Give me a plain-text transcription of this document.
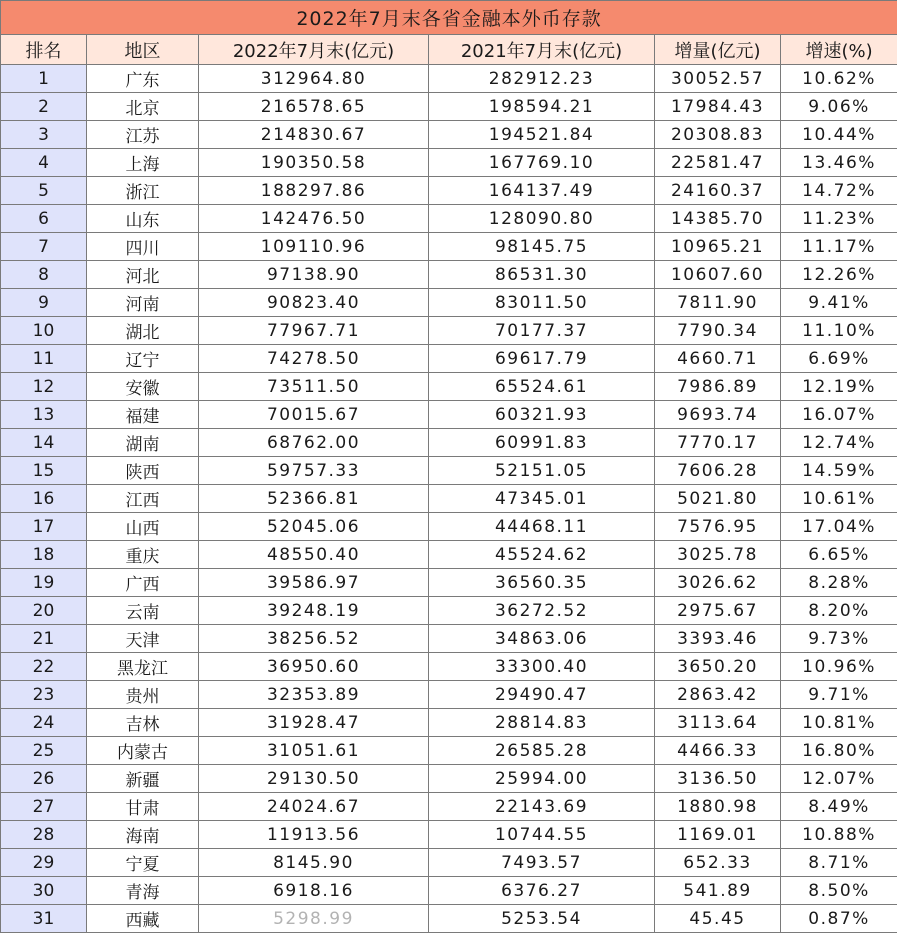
2022年7月末各省金融本外币存款					
排名	地区	2022年7月末(亿元)	2021年7月末(亿元)	增量(亿元)	增速(%)
1	广东	312964.80	282912.23	30052.57	10.62%
2	北京	216578.65	198594.21	17984.43	9.06%
3	江苏	214830.67	194521.84	20308.83	10.44%
4	上海	190350.58	167769.10	22581.47	13.46%
5	浙江	188297.86	164137.49	24160.37	14.72%
6	山东	142476.50	128090.80	14385.70	11.23%
7	四川	109110.96	98145.75	10965.21	11.17%
8	河北	97138.90	86531.30	10607.60	12.26%
9	河南	90823.40	83011.50	7811.90	9.41%
10	湖北	77967.71	70177.37	7790.34	11.10%
11	辽宁	74278.50	69617.79	4660.71	6.69%
12	安徽	73511.50	65524.61	7986.89	12.19%
13	福建	70015.67	60321.93	9693.74	16.07%
14	湖南	68762.00	60991.83	7770.17	12.74%
15	陕西	59757.33	52151.05	7606.28	14.59%
16	江西	52366.81	47345.01	5021.80	10.61%
17	山西	52045.06	44468.11	7576.95	17.04%
18	重庆	48550.40	45524.62	3025.78	6.65%
19	广西	39586.97	36560.35	3026.62	8.28%
20	云南	39248.19	36272.52	2975.67	8.20%
21	天津	38256.52	34863.06	3393.46	9.73%
22	黑龙江	36950.60	33300.40	3650.20	10.96%
23	贵州	32353.89	29490.47	2863.42	9.71%
24	吉林	31928.47	28814.83	3113.64	10.81%
25	内蒙古	31051.61	26585.28	4466.33	16.80%
26	新疆	29130.50	25994.00	3136.50	12.07%
27	甘肃	24024.67	22143.69	1880.98	8.49%
28	海南	11913.56	10744.55	1169.01	10.88%
29	宁夏	8145.90	7493.57	652.33	8.71%
30	青海	6918.16	6376.27	541.89	8.50%
31	西藏	5298.99	5253.54	45.45	0.87%
